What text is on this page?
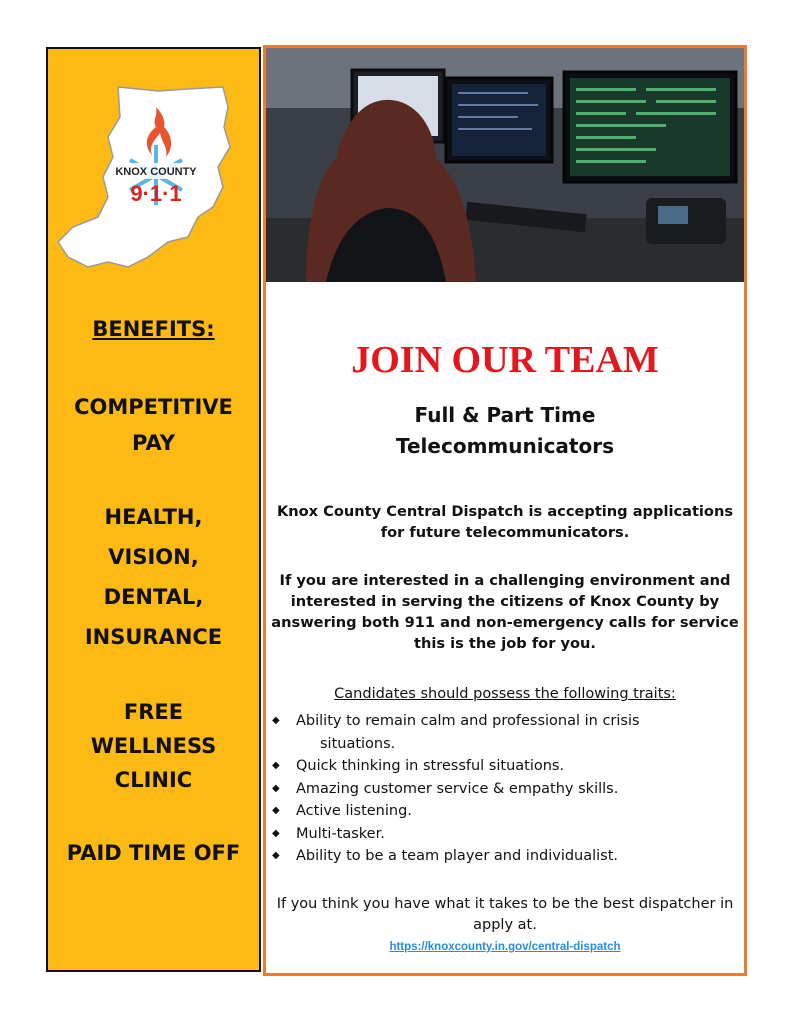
KNOX COUNTY
9·1·1

BENEFITS:

COMPETITIVE

PAY

HEALTH,

VISION,

DENTAL,

INSURANCE

FREE

WELLNESS

CLINIC

PAID TIME OFF

JOIN OUR TEAM

Full & Part Time
Telecommunicators

Knox County Central Dispatch is accepting applications for future telecommunicators.

If you are interested in a challenging environment and interested in serving the citizens of Knox County by answering both 911 and non-emergency calls for service this is the job for you.

Candidates should possess the following traits:

◆ Ability to remain calm and professional in crisis
situations.
◆ Quick thinking in stressful situations.
◆ Amazing customer service & empathy skills.
◆ Active listening.
◆ Multi-tasker.
◆ Ability to be a team player and individualist.

If you think you have what it takes to be the best dispatcher in apply at.

https://knoxcounty.in.gov/central-dispatch
